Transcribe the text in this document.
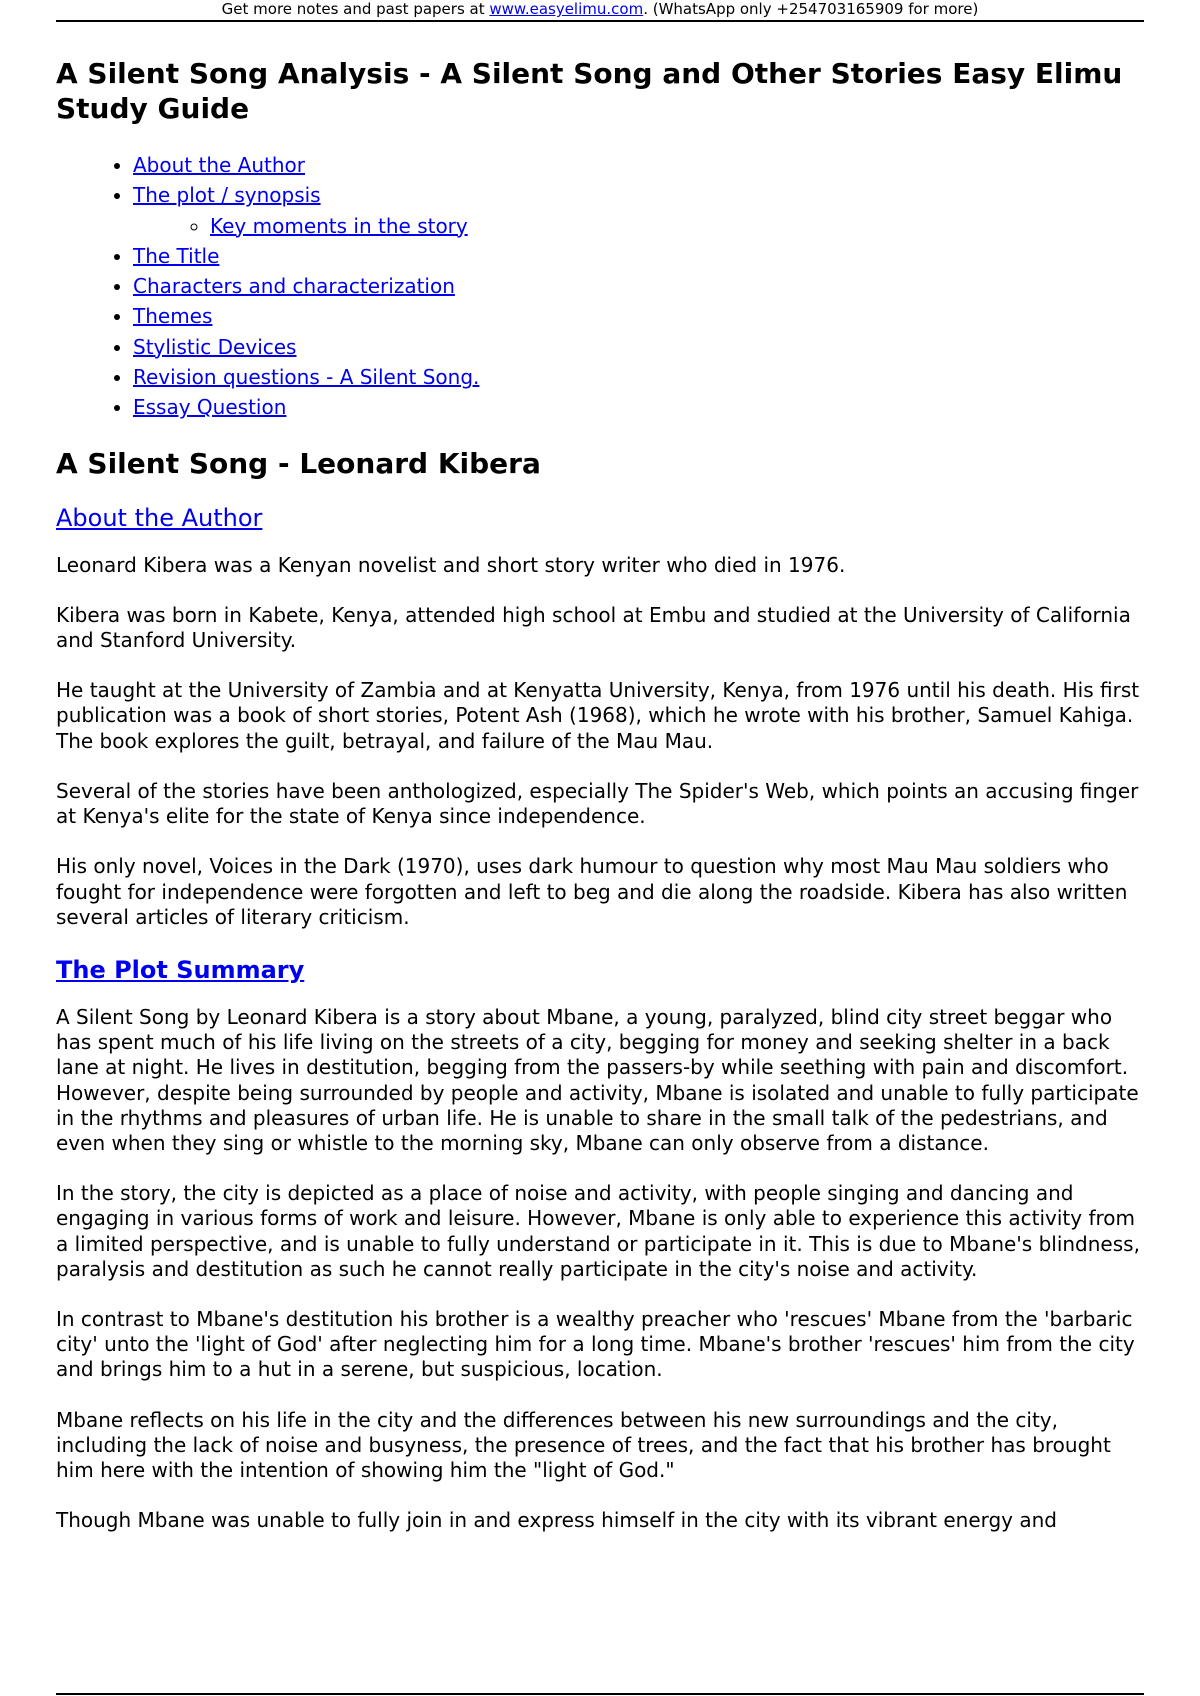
Get more notes and past papers at www.easyelimu.com. (WhatsApp only +254703165909 for more)
A Silent Song Analysis - A Silent Song and Other Stories Easy Elimu Study Guide
• About the Author
• The plot / synopsis
◦ Key moments in the story
• The Title
• Characters and characterization
• Themes
• Stylistic Devices
• Revision questions - A Silent Song.
• Essay Question
A Silent Song - Leonard Kibera
About the Author

Leonard Kibera was a Kenyan novelist and short story writer who died in 1976.

Kibera was born in Kabete, Kenya, attended high school at Embu and studied at the University of California and Stanford University.

He taught at the University of Zambia and at Kenyatta University, Kenya, from 1976 until his death. His first publication was a book of short stories, Potent Ash (1968), which he wrote with his brother, Samuel Kahiga. The book explores the guilt, betrayal, and failure of the Mau Mau.

Several of the stories have been anthologized, especially The Spider's Web, which points an accusing finger at Kenya's elite for the state of Kenya since independence.

His only novel, Voices in the Dark (1970), uses dark humour to question why most Mau Mau soldiers who fought for independence were forgotten and left to beg and die along the roadside. Kibera has also written several articles of literary criticism.

The Plot Summary

A Silent Song by Leonard Kibera is a story about Mbane, a young, paralyzed, blind city street beggar who has spent much of his life living on the streets of a city, begging for money and seeking shelter in a back lane at night. He lives in destitution, begging from the passers-by while seething with pain and discomfort. However, despite being surrounded by people and activity, Mbane is isolated and unable to fully participate in the rhythms and pleasures of urban life. He is unable to share in the small talk of the pedestrians, and even when they sing or whistle to the morning sky, Mbane can only observe from a distance.

In the story, the city is depicted as a place of noise and activity, with people singing and dancing and engaging in various forms of work and leisure. However, Mbane is only able to experience this activity from a limited perspective, and is unable to fully understand or participate in it. This is due to Mbane's blindness, paralysis and destitution as such he cannot really participate in the city's noise and activity.

In contrast to Mbane's destitution his brother is a wealthy preacher who 'rescues' Mbane from the 'barbaric city' unto the 'light of God' after neglecting him for a long time. Mbane's brother 'rescues' him from the city and brings him to a hut in a serene, but suspicious, location.

Mbane reflects on his life in the city and the differences between his new surroundings and the city, including the lack of noise and busyness, the presence of trees, and the fact that his brother has brought him here with the intention of showing him the "light of God."

Though Mbane was unable to fully join in and express himself in the city with its vibrant energy and
